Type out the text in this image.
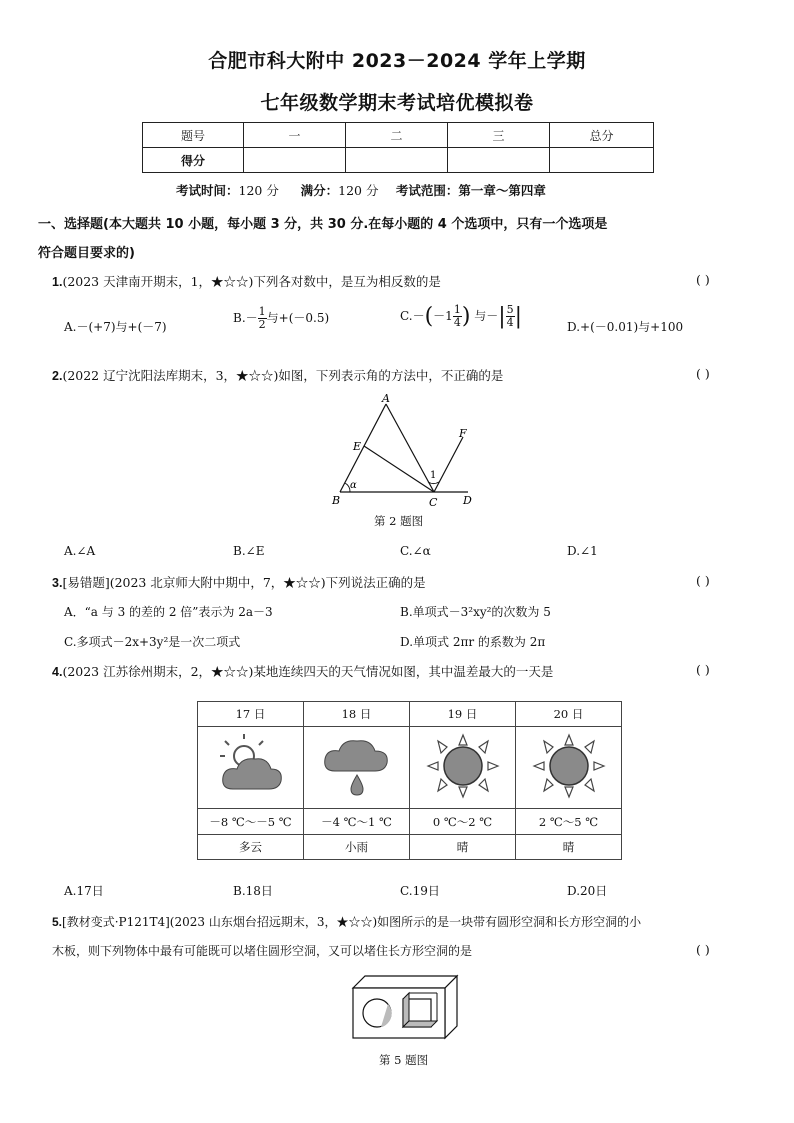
合肥市科大附中 2023－2024 学年上学期
七年级数学期末考试培优模拟卷
题号	一	二	三	总分
得分				
考试时间：120 分 满分：120 分 考试范围：第一章～第四章
一、选择题(本大题共 10 小题，每小题 3 分，共 30 分.在每小题的 4 个选项中，只有一个选项是
符合题目要求的)
1.(2023 天津南开期末，1，★☆☆)下列各对数中，是互为相反数的是	( )
A.－(+7)与+(－7)
$B.- \frac{1}{2}$ 与+(－0.5)	$C.-(-1 \frac{1}{4}$ ) 与－| $\frac{5}{4}$ |	D.+(－0.01)与+100
2.(2022 辽宁沈阳法库期末，3，★☆☆)如图，下列表示角的方法中，不正确的是	( )
A
B	C D
E
F
α
1
第 2 题图
A.∠A	B.∠E	C.∠α	D.∠1
3.[易错题](2023 北京师大附中期中，7，★☆☆)下列说法正确的是	( )
A．“a 与 3 的差的 2 倍”表示为 2a－3	B.单项式－3²xy²的次数为 5
C.多项式－2x+3y²是一次二项式	D.单项式 2πr 的系数为 2π
4.(2023 江苏徐州期末，2，★☆☆)某地连续四天的天气情况如图，其中温差最大的一天是	( )
17 日	18 日	19 日	20 日

－8 ℃～－5 ℃	－4 ℃～1 ℃	0 ℃～2 ℃	2 ℃～5 ℃
多云	小雨	晴	晴
A.17日	B.18日	C.19日	D.20日
5.[教材变式·P121T4](2023 山东烟台招远期末，3，★☆☆)如图所示的是一块带有圆形空洞和长方形空洞的小
木板，则下列物体中最有可能既可以堵住圆形空洞，又可以堵住长方形空洞的是	( )
第 5 题图
